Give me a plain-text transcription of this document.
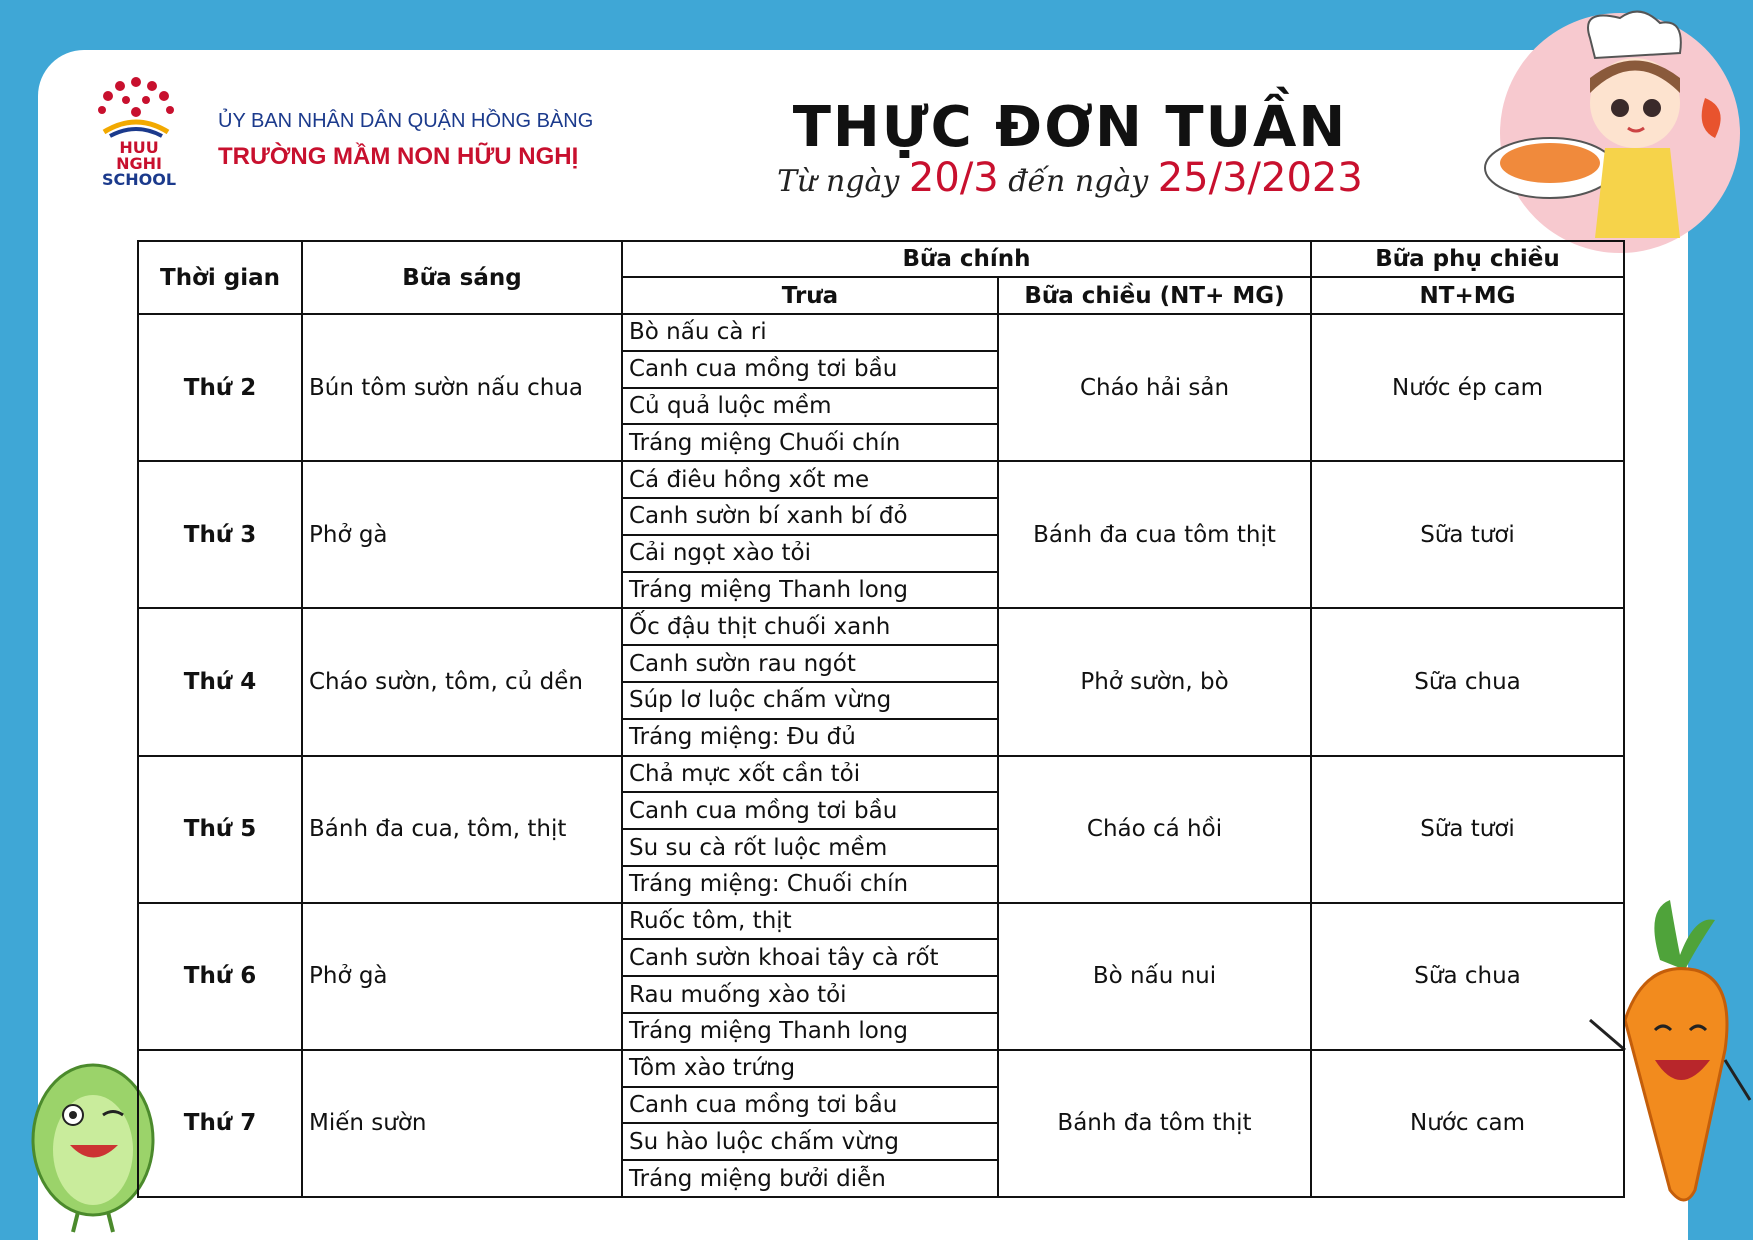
HUU NGHI
SCHOOL
ỦY BAN NHÂN DÂN QUẬN HỒNG BÀNG
TRƯỜNG MẦM NON HỮU NGHỊ	THỰC ĐƠN TUẦN
Từ ngày 20/3 đến ngày 25/3/2023
Thời gian	Bữa sáng	Bữa chính		Bữa phụ chiều
		Trưa	Bữa chiều (NT+ MG)	NT+MG
Thứ 2	Bún tôm sườn nấu chua	Bò nấu cà ri
Canh cua mồng tơi bầu
Củ quả luộc mềm
Tráng miệng Chuối chín	Cháo hải sản	Nước ép cam
Thứ 3	Phở gà	Cá điêu hồng xốt me
Canh sườn bí xanh bí đỏ
Cải ngọt xào tỏi
Tráng miệng Thanh long	Bánh đa cua tôm thịt	Sữa tươi
Thứ 4	Cháo sườn, tôm, củ dền	Ốc đậu thịt chuối xanh
Canh sườn rau ngót
Súp lơ luộc chấm vừng
Tráng miệng: Đu đủ	Phở sườn, bò	Sữa chua
Thứ 5	Bánh đa cua, tôm, thịt	Chả mực xốt cần tỏi
Canh cua mồng tơi bầu
Su su cà rốt luộc mềm
Tráng miệng: Chuối chín	Cháo cá hồi	Sữa tươi
Thứ 6	Phở gà	Ruốc tôm, thịt
Canh sườn khoai tây cà rốt
Rau muống xào tỏi
Tráng miệng Thanh long	Bò nấu nui	Sữa chua
Thứ 7	Miến sườn	Tôm xào trứng
Canh cua mồng tơi bầu
Su hào luộc chấm vừng
Tráng miệng bưởi diễn	Bánh đa tôm thịt	Nước cam
